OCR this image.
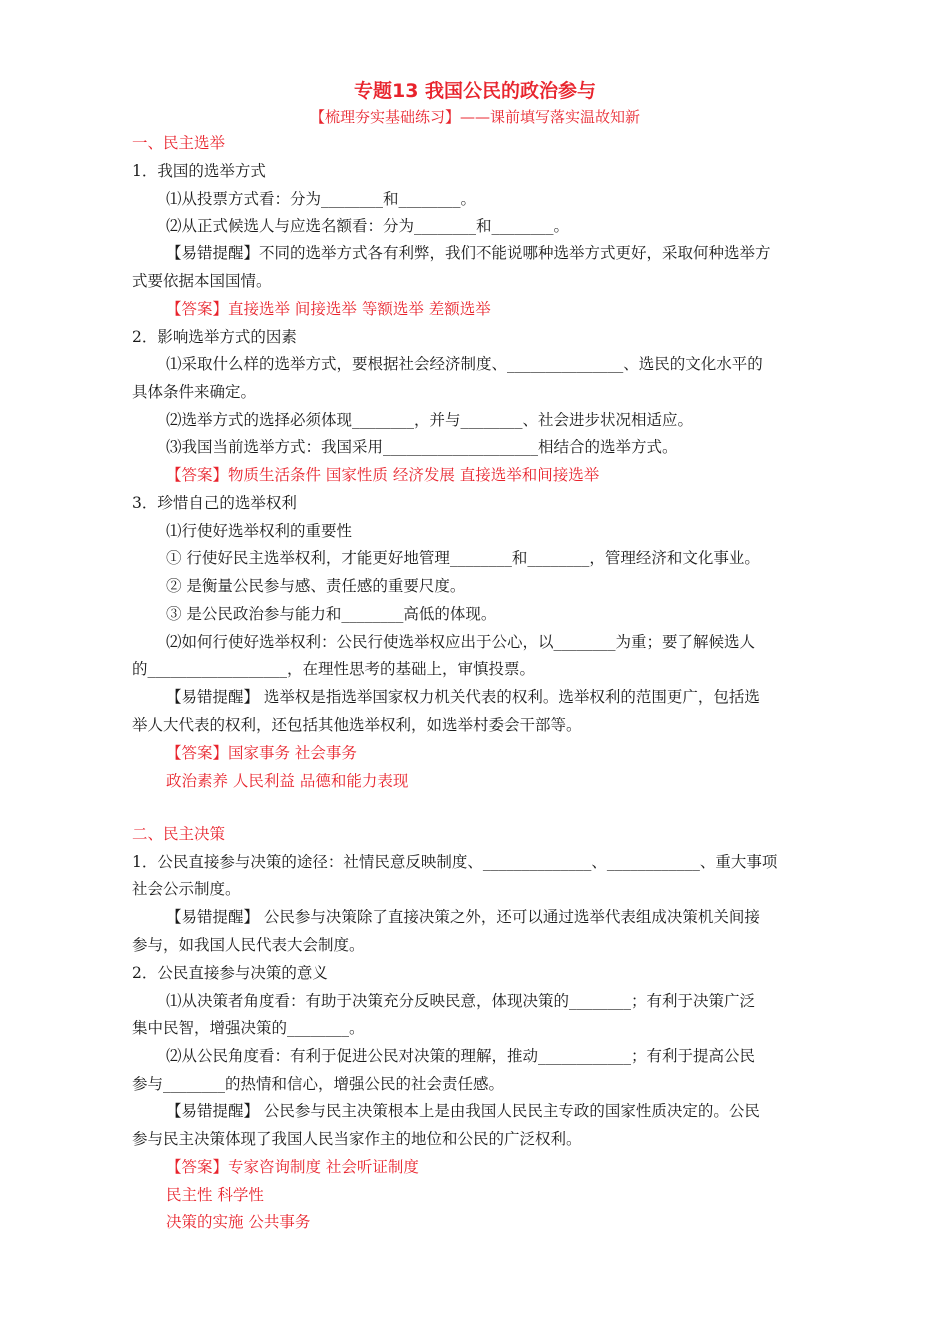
专题13 我国公民的政治参与
【梳理夯实基础练习】——课前填写落实温故知新
一、民主选举
1．我国的选举方式
⑴从投票方式看：分为________和________。
⑵从正式候选人与应选名额看：分为________和________。
【易错提醒】不同的选举方式各有利弊，我们不能说哪种选举方式更好，采取何种选举方
式要依据本国国情。
【答案】直接选举 间接选举 等额选举 差额选举
2．影响选举方式的因素
⑴采取什么样的选举方式，要根据社会经济制度、_______________、选民的文化水平的
具体条件来确定。
⑵选举方式的选择必须体现________，并与________、社会进步状况相适应。
⑶我国当前选举方式：我国采用____________________相结合的选举方式。
【答案】物质生活条件 国家性质 经济发展 直接选举和间接选举
3．珍惜自己的选举权利
⑴行使好选举权利的重要性
① 行使好民主选举权利，才能更好地管理________和________，管理经济和文化事业。
② 是衡量公民参与感、责任感的重要尺度。
③ 是公民政治参与能力和________高低的体现。
⑵如何行使好选举权利：公民行使选举权应出于公心，以________为重；要了解候选人
的__________________，在理性思考的基础上，审慎投票。
【易错提醒】 选举权是指选举国家权力机关代表的权利。选举权利的范围更广，包括选
举人大代表的权利，还包括其他选举权利，如选举村委会干部等。
【答案】国家事务 社会事务
政治素养 人民利益 品德和能力表现
二、民主决策
1．公民直接参与决策的途径：社情民意反映制度、______________、____________、重大事项
社会公示制度。
【易错提醒】 公民参与决策除了直接决策之外，还可以通过选举代表组成决策机关间接
参与，如我国人民代表大会制度。
2．公民直接参与决策的意义
⑴从决策者角度看：有助于决策充分反映民意，体现决策的________；有利于决策广泛
集中民智，增强决策的________。
⑵从公民角度看：有利于促进公民对决策的理解，推动____________；有利于提高公民
参与________的热情和信心，增强公民的社会责任感。
【易错提醒】 公民参与民主决策根本上是由我国人民民主专政的国家性质决定的。公民
参与民主决策体现了我国人民当家作主的地位和公民的广泛权利。
【答案】专家咨询制度 社会听证制度
民主性 科学性
决策的实施 公共事务
